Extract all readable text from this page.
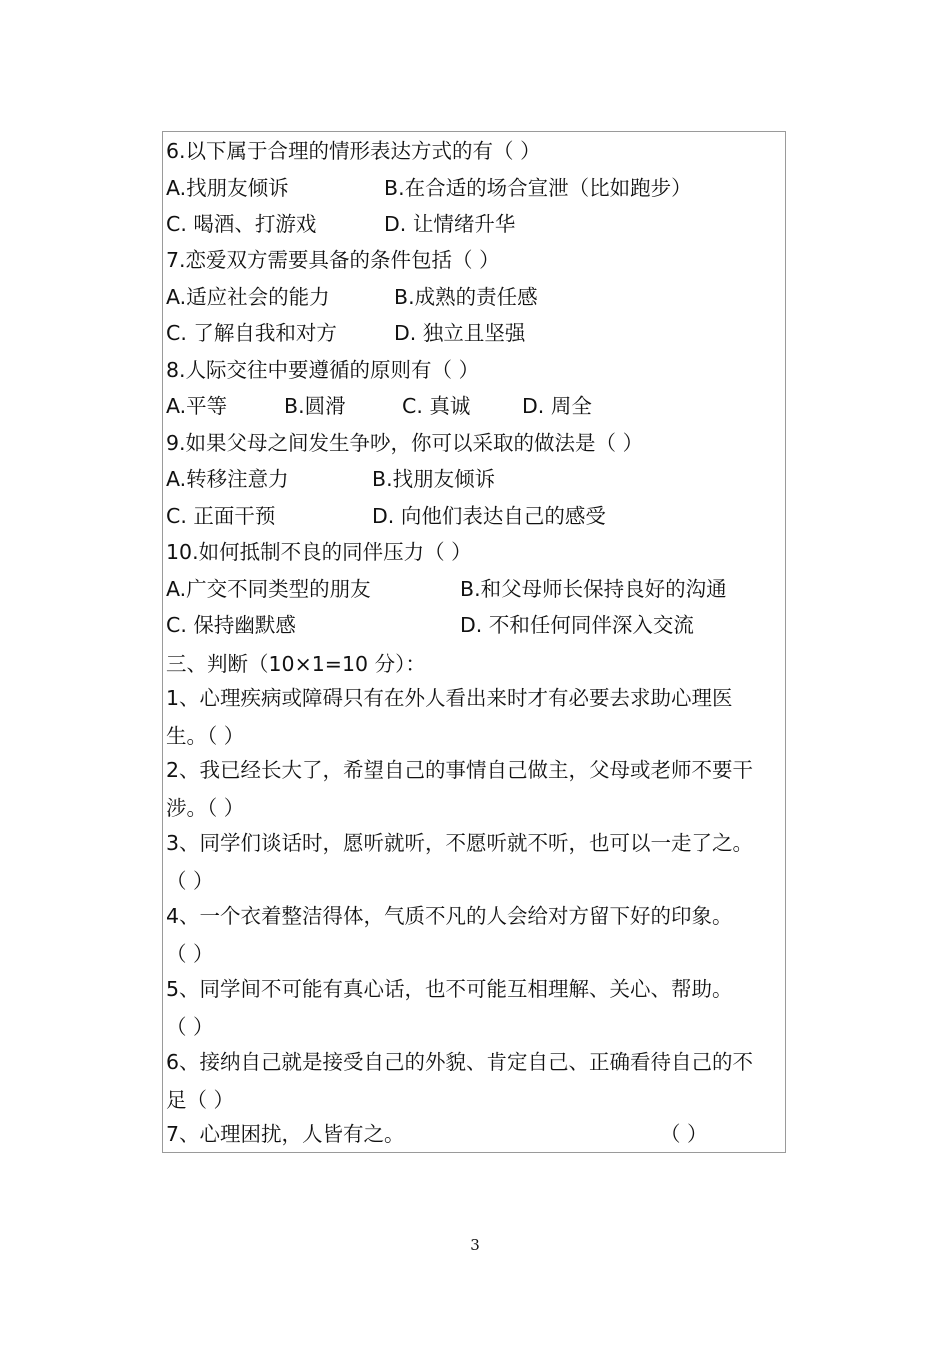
6.以下属于合理的情形表达方式的有（ ）
A.找朋友倾诉	B.在合适的场合宣泄（比如跑步）
C. 喝酒、打游戏	D. 让情绪升华
7.恋爱双方需要具备的条件包括（ ）
A.适应社会的能力	B.成熟的责任感
C. 了解自我和对方	D. 独立且坚强
8.人际交往中要遵循的原则有（ ）
A.平等	B.圆滑	C. 真诚	D. 周全
9.如果父母之间发生争吵，你可以采取的做法是（ ）
A.转移注意力	B.找朋友倾诉
C. 正面干预	D. 向他们表达自己的感受
10.如何抵制不良的同伴压力（ ）
A.广交不同类型的朋友	B.和父母师长保持良好的沟通
C. 保持幽默感	D. 不和任何同伴深入交流
三、判断（10×1=10 分）：
1、心理疾病或障碍只有在外人看出来时才有必要去求助心理医
生。（ ）
2、我已经长大了，希望自己的事情自己做主，父母或老师不要干
涉。（ ）
3、同学们谈话时，愿听就听，不愿听就不听，也可以一走了之。
（ ）
4、一个衣着整洁得体，气质不凡的人会给对方留下好的印象。
（ ）
5、同学间不可能有真心话，也不可能互相理解、关心、帮助。
（ ）
6、接纳自己就是接受自己的外貌、肯定自己、正确看待自己的不
足（ ）
7、心理困扰，人皆有之。	（ ）
3
